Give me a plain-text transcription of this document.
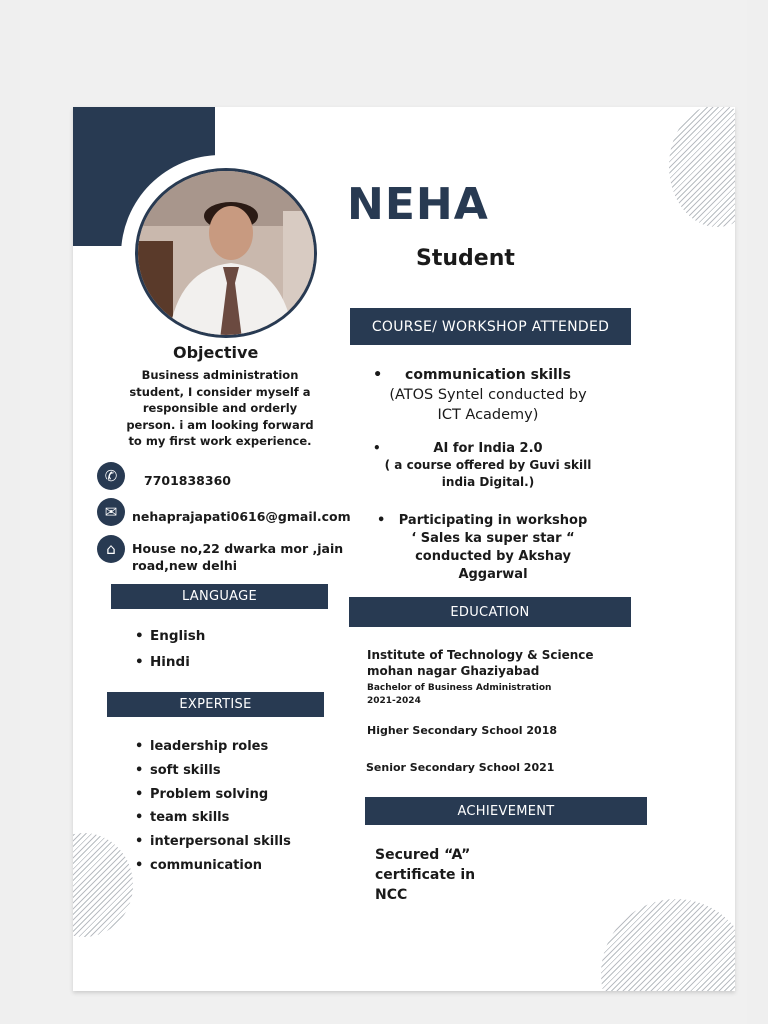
NEHA
Student
Objective
Business administration student, I consider myself a responsible and orderly person. i am looking forward to my first work experience.
✆	7701838360
✉	nehaprajapati0616@gmail.com
⌂	House no,22 dwarka mor ,jain
road,new delhi
LANGUAGE
• English
• Hindi
EXPERTISE
• leadership roles
• soft skills
• Problem solving
• team skills
• interpersonal skills
• communication
COURSE/ WORKSHOP ATTENDED
•	communication skills
(ATOS Syntel conducted by
ICT Academy)
•	AI for India 2.0
( a course offered by Guvi skill
india Digital.)
•	Participating in workshop
‘ Sales ka super star “
conducted by Akshay
Aggarwal
EDUCATION
Institute of Technology & Science
mohan nagar Ghaziyabad
Bachelor of Business Administration
2021-2024
Higher Secondary School 2018
Senior Secondary School 2021
ACHIEVEMENT
Secured “A”
certificate in
NCC
